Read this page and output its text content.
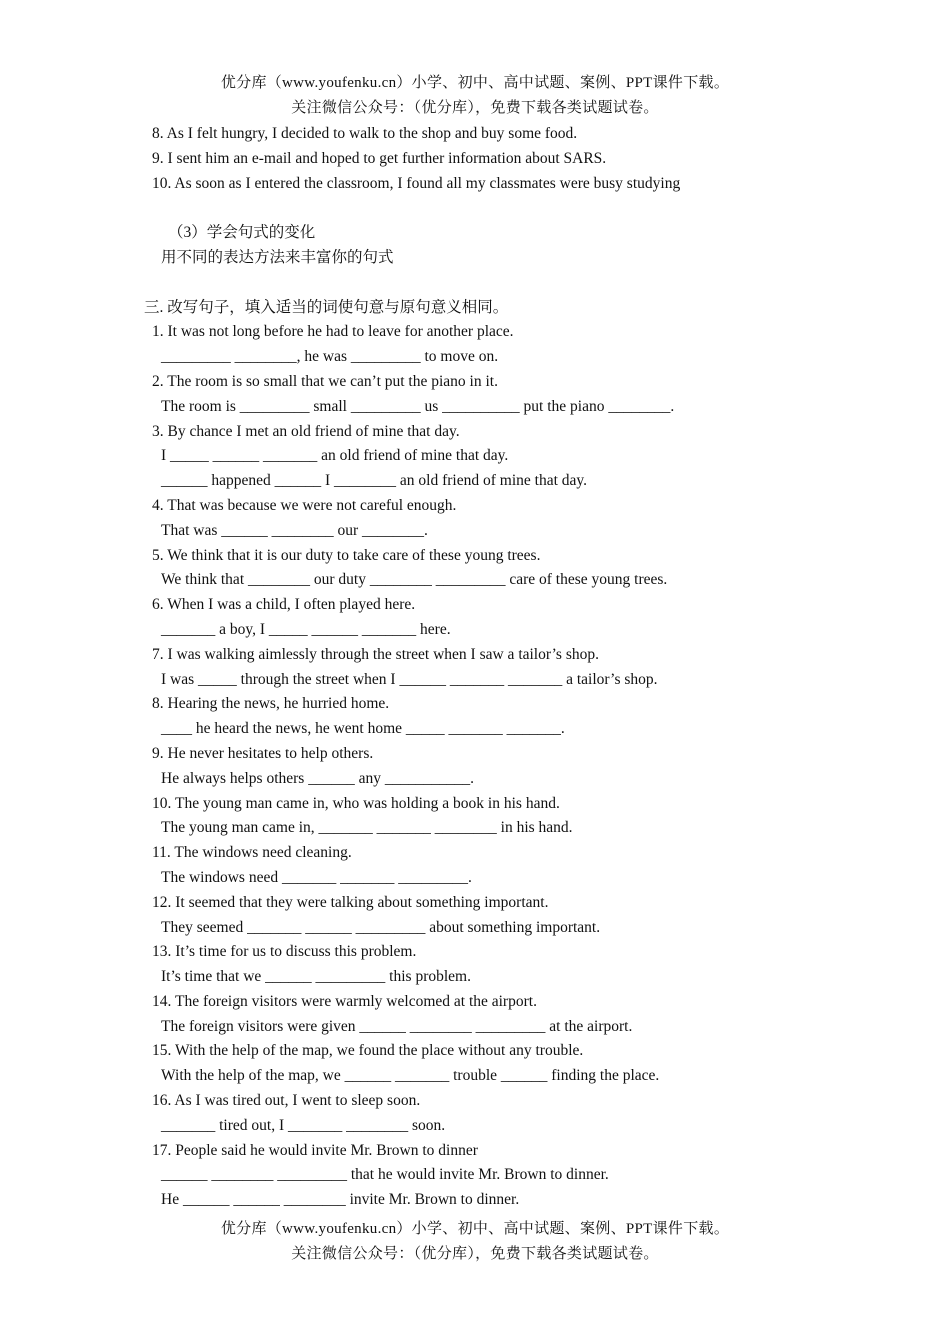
优分库（www.youfenku.cn）小学、初中、高中试题、案例、PPT课件下载。
关注微信公众号：（优分库），免费下载各类试题试卷。
8. As I felt hungry, I decided to walk to the shop and buy some food.
9. I sent him an e-mail and hoped to get further information about SARS.
10. As soon as I entered the classroom, I found all my classmates were busy studying
（3）学会句式的变化
用不同的表达方法来丰富你的句式
三. 改写句子，填入适当的词使句意与原句意义相同。
1. It was not long before he had to leave for another place.
_________ ________, he was _________ to move on.
2. The room is so small that we can’t put the piano in it.
The room is _________ small _________ us __________ put the piano ________.
3. By chance I met an old friend of mine that day.
I _____ ______ _______ an old friend of mine that day.
______ happened ______ I ________ an old friend of mine that day.
4. That was because we were not careful enough.
That was ______ ________ our ________.
5. We think that it is our duty to take care of these young trees.
We think that ________ our duty ________ _________ care of these young trees.
6. When I was a child, I often played here.
_______ a boy, I _____ ______ _______ here.
7. I was walking aimlessly through the street when I saw a tailor’s shop.
I was _____ through the street when I ______ _______ _______ a tailor’s shop.
8. Hearing the news, he hurried home.
____ he heard the news, he went home _____ _______ _______.
9. He never hesitates to help others.
He always helps others ______ any ___________.
10. The young man came in, who was holding a book in his hand.
The young man came in, _______ _______ ________ in his hand.
11. The windows need cleaning.
The windows need _______ _______ _________.
12. It seemed that they were talking about something important.
They seemed _______ ______ _________ about something important.
13. It’s time for us to discuss this problem.
It’s time that we ______ _________ this problem.
14. The foreign visitors were warmly welcomed at the airport.
The foreign visitors were given ______ ________ _________ at the airport.
15. With the help of the map, we found the place without any trouble.
With the help of the map, we ______ _______ trouble ______ finding the place.
16. As I was tired out, I went to sleep soon.
_______ tired out, I _______ ________ soon.
17. People said he would invite Mr. Brown to dinner
______ ________ _________ that he would invite Mr. Brown to dinner.
He ______ ______ ________ invite Mr. Brown to dinner.
优分库（www.youfenku.cn）小学、初中、高中试题、案例、PPT课件下载。
关注微信公众号：（优分库），免费下载各类试题试卷。
